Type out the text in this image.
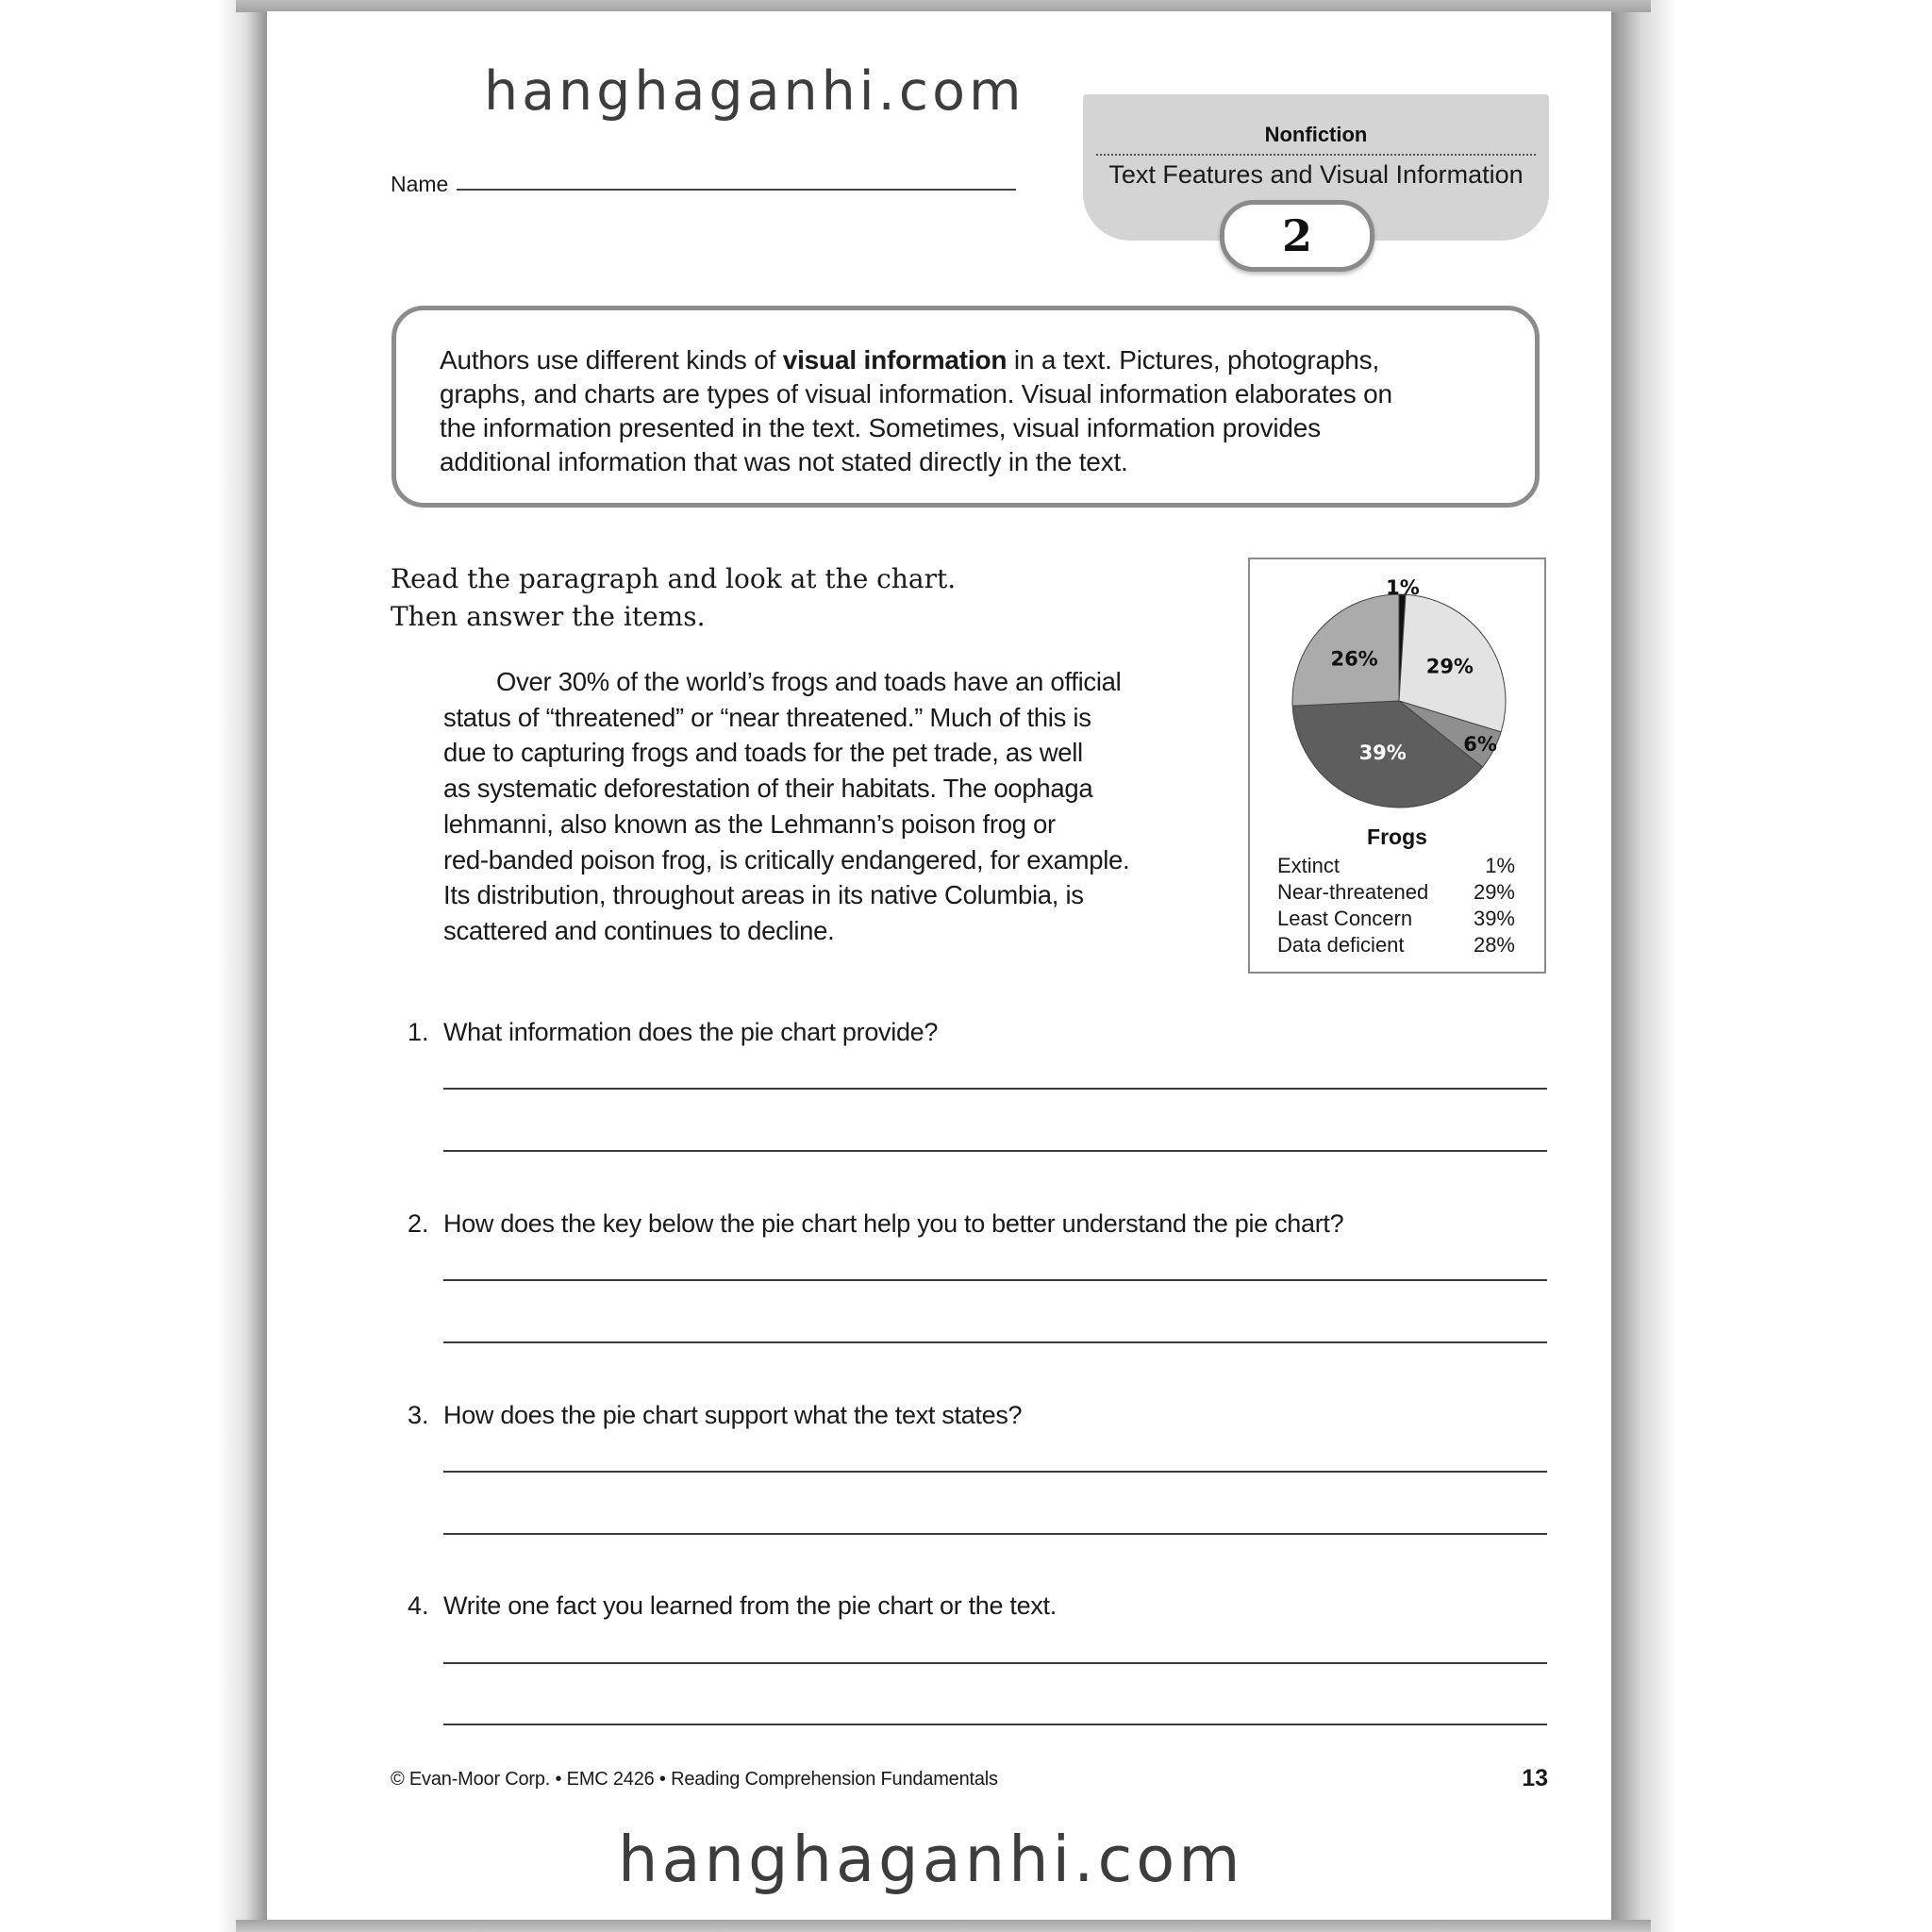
hanghaganhi.com
Name
Nonfiction
Text Features and Visual Information
2
Authors use different kinds of visual information in a text. Pictures, photographs,
graphs, and charts are types of visual information. Visual information elaborates on
the information presented in the text. Sometimes, visual information provides
additional information that was not stated directly in the text.
Read the paragraph and look at the chart.
Then answer the items.
Over 30% of the world’s frogs and toads have an official
status of “threatened” or “near threatened.” Much of this is
due to capturing frogs and toads for the pet trade, as well
as systematic deforestation of their habitats. The oophaga
lehmanni, also known as the Lehmann’s poison frog or
red-banded poison frog, is critically endangered, for example.
Its distribution, throughout areas in its native Columbia, is
scattered and continues to decline.
1%
29%
6%
39%
26%
Frogs
Extinct	1%
Near-threatened 29%
Least Concern	39%
Data deficient	28%
1. What information does the pie chart provide?
2. How does the key below the pie chart help you to better understand the pie chart?
3. How does the pie chart support what the text states?
4. Write one fact you learned from the pie chart or the text.
© Evan-Moor Corp. • EMC 2426 • Reading Comprehension Fundamentals	13
hanghaganhi.com
